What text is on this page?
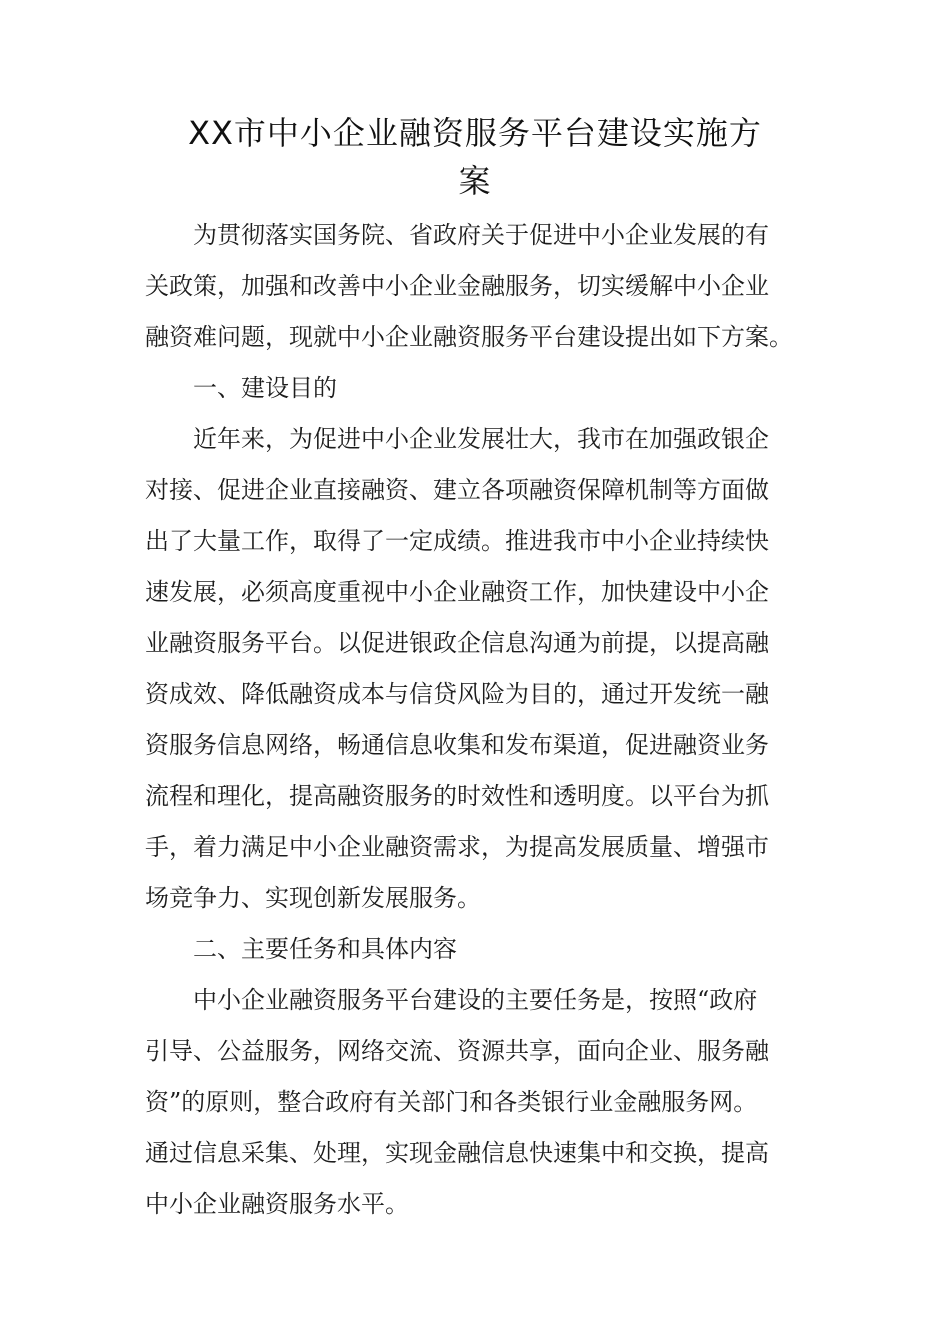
XX市中小企业融资服务平台建设实施方
案

为贯彻落实国务院、省政府关于促进中小企业发展的有

关政策，加强和改善中小企业金融服务，切实缓解中小企业

融资难问题，现就中小企业融资服务平台建设提出如下方案。

一、建设目的

近年来，为促进中小企业发展壮大，我市在加强政银企

对接、促进企业直接融资、建立各项融资保障机制等方面做

出了大量工作，取得了一定成绩。推进我市中小企业持续快

速发展，必须高度重视中小企业融资工作，加快建设中小企

业融资服务平台。以促进银政企信息沟通为前提，以提高融

资成效、降低融资成本与信贷风险为目的，通过开发统一融

资服务信息网络，畅通信息收集和发布渠道，促进融资业务

流程和理化，提高融资服务的时效性和透明度。以平台为抓

手，着力满足中小企业融资需求，为提高发展质量、增强市

场竞争力、实现创新发展服务。

二、主要任务和具体内容

中小企业融资服务平台建设的主要任务是，按照“政府

引导、公益服务，网络交流、资源共享，面向企业、服务融

资”的原则，整合政府有关部门和各类银行业金融服务网。

通过信息采集、处理，实现金融信息快速集中和交换，提高

中小企业融资服务水平。
